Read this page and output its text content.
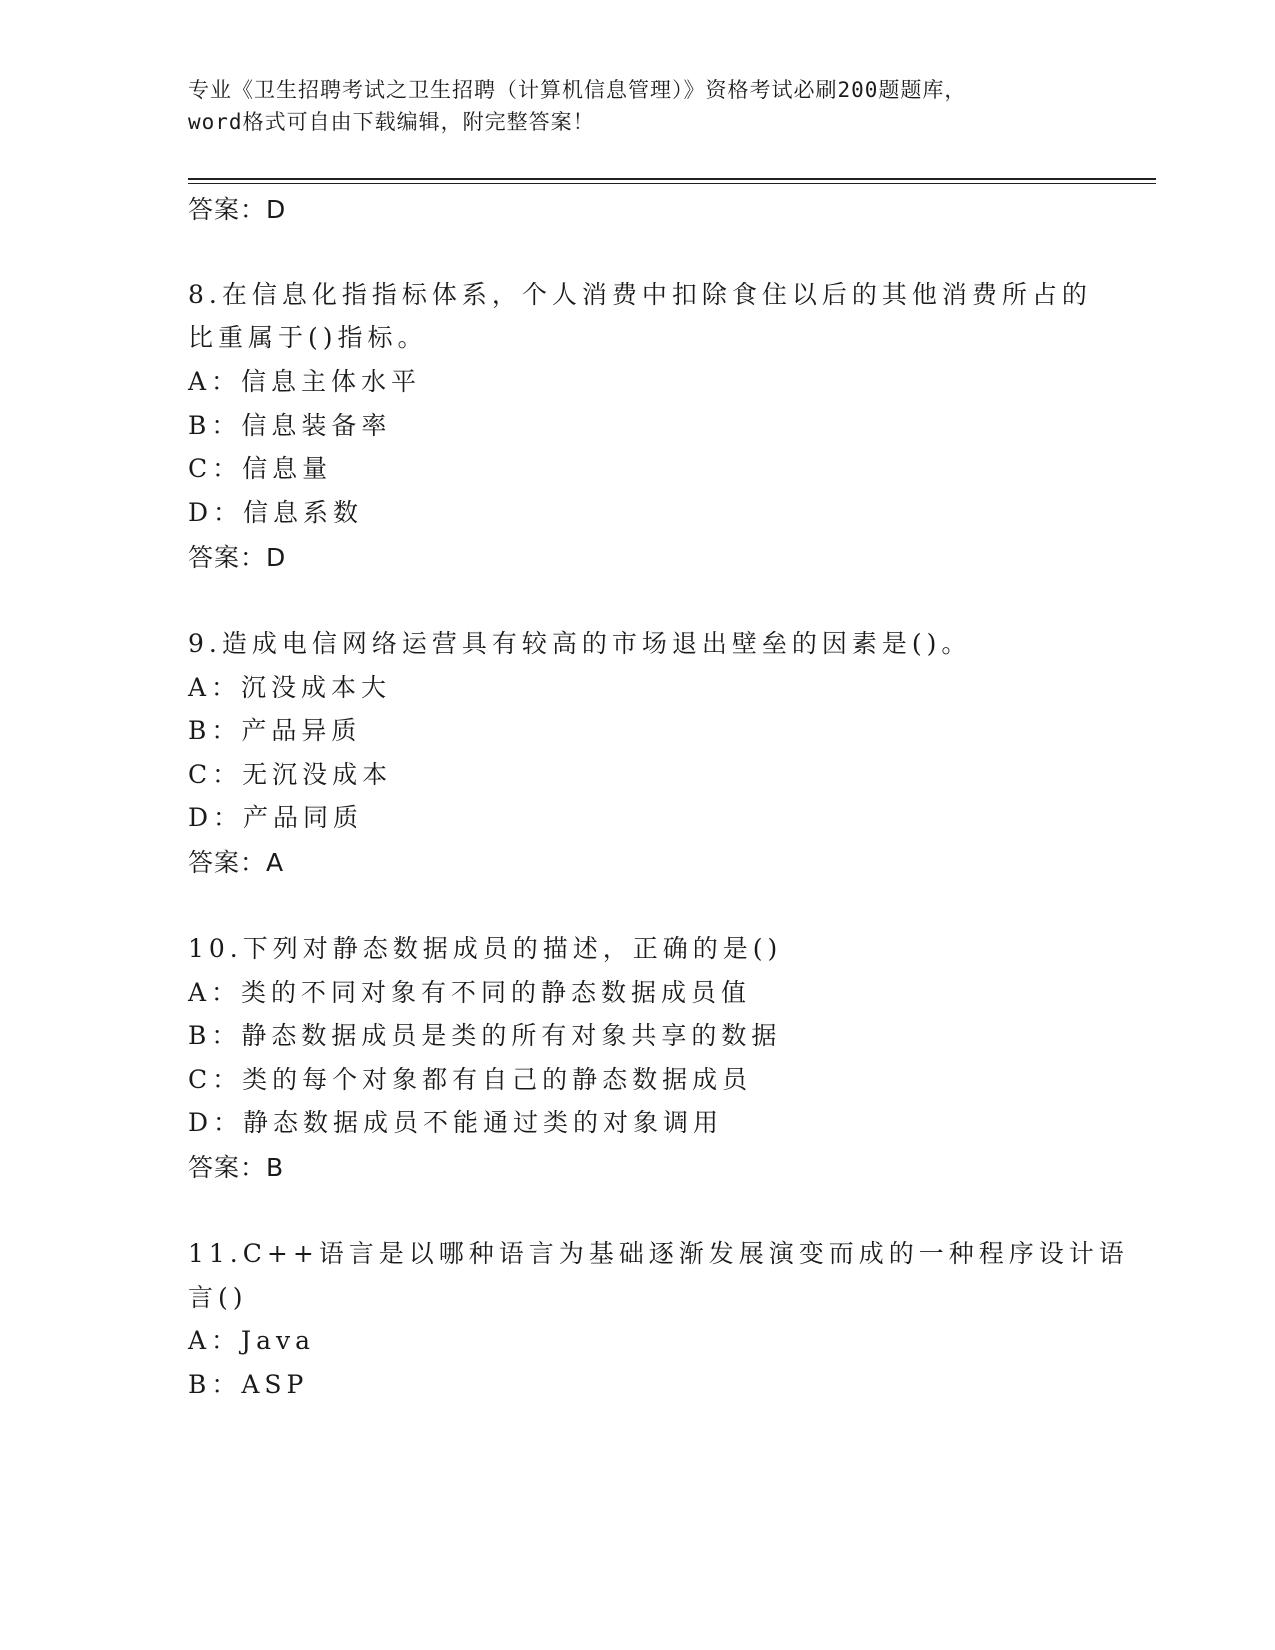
专业《卫生招聘考试之卫生招聘（计算机信息管理）》资格考试必刷200题题库，
word格式可自由下载编辑，附完整答案！
答案：D
8.在信息化指指标体系，个人消费中扣除食住以后的其他消费所占的
比重属于()指标。
A：信息主体水平
B：信息装备率
C：信息量
D：信息系数
答案：D
9.造成电信网络运营具有较高的市场退出壁垒的因素是()。
A：沉没成本大
B：产品异质
C：无沉没成本
D：产品同质
答案：A
10.下列对静态数据成员的描述，正确的是()
A：类的不同对象有不同的静态数据成员值
B：静态数据成员是类的所有对象共享的数据
C：类的每个对象都有自己的静态数据成员
D：静态数据成员不能通过类的对象调用
答案：B
11.C++语言是以哪种语言为基础逐渐发展演变而成的一种程序设计语
言()
A：Java
B：ASP
